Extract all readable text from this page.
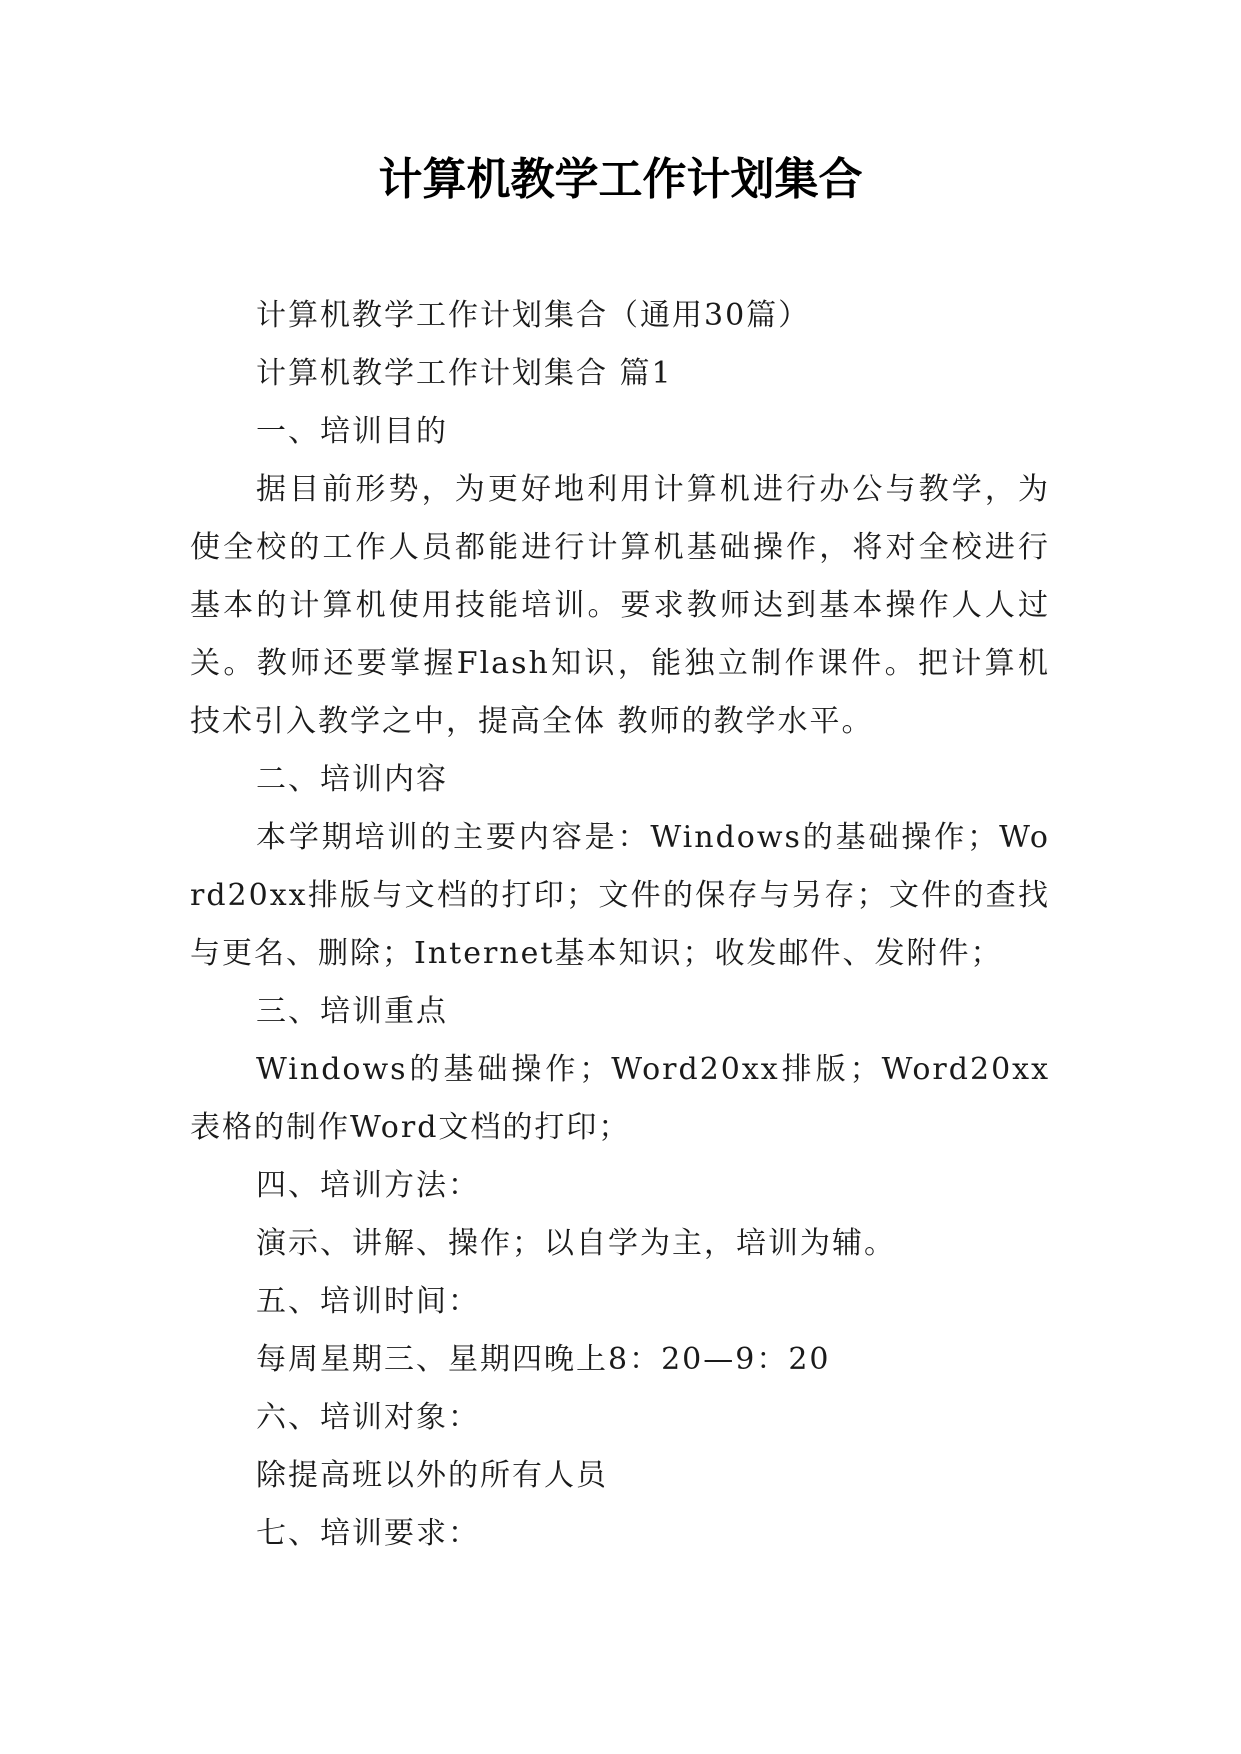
计算机教学工作计划集合

计算机教学工作计划集合（通用30篇）

计算机教学工作计划集合 篇1

一、培训目的

据目前形势，为更好地利用计算机进行办公与教学，为使全校的工作人员都能进行计算机基础操作，将对全校进行基本的计算机使用技能培训。要求教师达到基本操作人人过关。教师还要掌握Flash知识，能独立制作课件。把计算机技术引入教学之中，提高全体 教师的教学水平。

二、培训内容

本学期培训的主要内容是：Windows的基础操作；Word20xx排版与文档的打印；文件的保存与另存；文件的查找与更名、删除；Internet基本知识；收发邮件、发附件；

三、培训重点

Windows的基础操作；Word20xx排版；Word20xx表格的制作Word文档的打印；

四、培训方法：

演示、讲解、操作；以自学为主，培训为辅。

五、培训时间：

每周星期三、星期四晚上8：20—9：20

六、培训对象：

除提高班以外的所有人员

七、培训要求：
